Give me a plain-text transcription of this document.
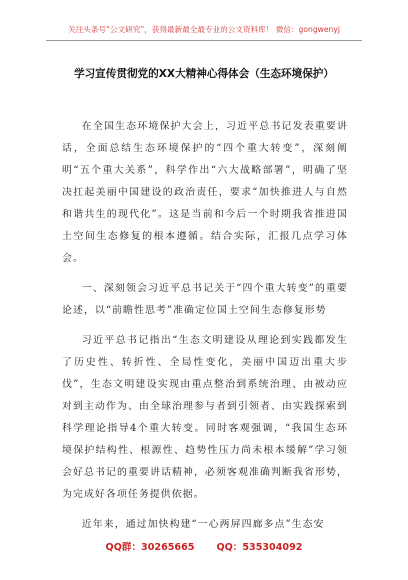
关注头条号“公文研究”，获得最新最全最专业的公文资料库！ 微信：gongwenyj
学习宣传贯彻党的XX大精神心得体会（生态环境保护）

在全国生态环境保护大会上，习近平总书记发表重要讲话，全面总结生态环境保护的“四个重大转变”，深刻阐明“五个重大关系”，科学作出“六大战略部署”，明确了坚决扛起美丽中国建设的政治责任，要求“加快推进人与自然和谐共生的现代化”。这是当前和今后一个时期我省推进国土空间生态修复的根本遵循。结合实际，汇报几点学习体会。

一、深刻领会习近平总书记关于“四个重大转变”的重要论述，以“前瞻性思考”准确定位国土空间生态修复形势

习近平总书记指出“生态文明建设从理论到实践都发生了历史性、转折性、全局性变化，美丽中国迈出重大步伐”，生态文明建设实现由重点整治到系统治理、由被动应对到主动作为、由全球治理参与者到引领者、由实践探索到科学理论指导4个重大转变。同时客观强调，“我国生态环境保护结构性、根源性、趋势性压力尚未根本缓解”学习领会好总书记的重要讲话精神，必须客观准确判断我省形势，为完成好各项任务提供依据。

近年来，通过加快构建“一心两屏四廊多点”生态安

QQ群：30265665 QQ：535304092
